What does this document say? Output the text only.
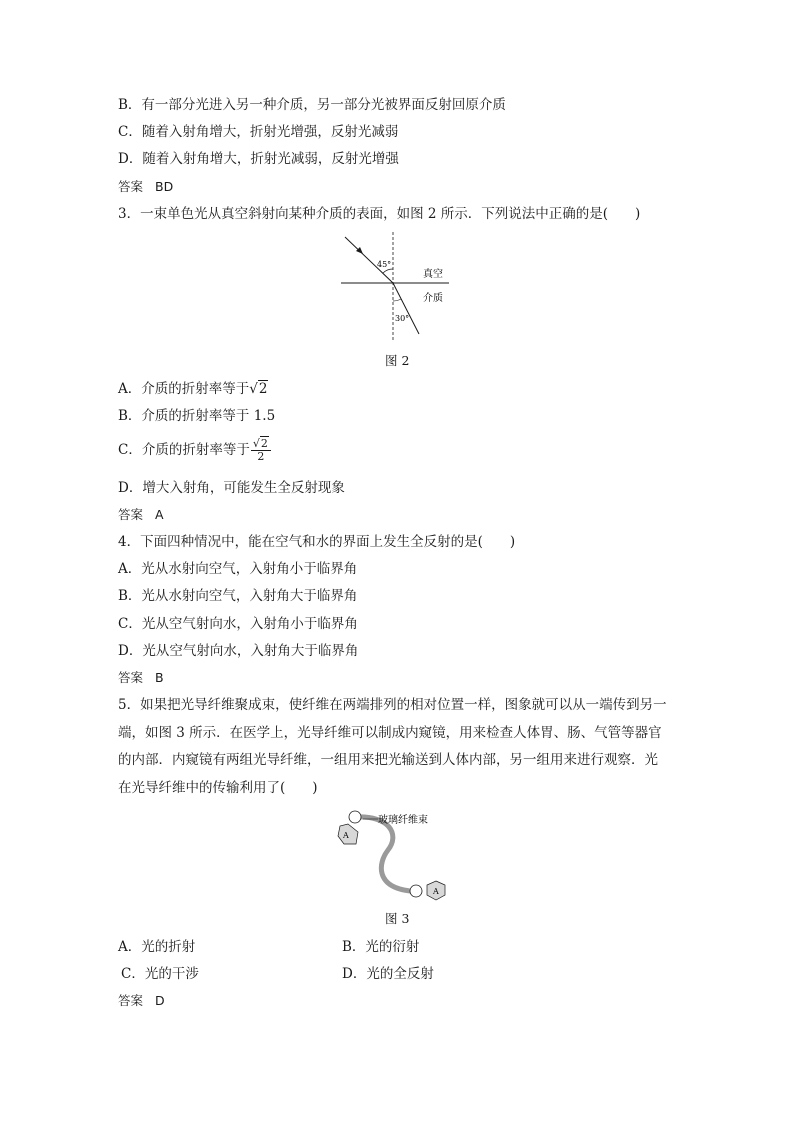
B．有一部分光进入另一种介质，另一部分光被界面反射回原介质
C．随着入射角增大，折射光增强，反射光减弱
D．随着入射角增大，折射光减弱，反射光增强
答案 BD
3．一束单色光从真空斜射向某种介质的表面，如图 2 所示．下列说法中正确的是(　　)
45°
30°
真空
介质
图 2
A．介质的折射率等于√2
B．介质的折射率等于 1.5
C．介质的折射率等于 $\frac{√2}{2}$
D．增大入射角，可能发生全反射现象
答案 A
4．下面四种情况中，能在空气和水的界面上发生全反射的是(　　)
A．光从水射向空气，入射角小于临界角
B．光从水射向空气，入射角大于临界角
C．光从空气射向水，入射角小于临界角
D．光从空气射向水，入射角大于临界角
答案 B
5．如果把光导纤维聚成束，使纤维在两端排列的相对位置一样，图象就可以从一端传到另一
端，如图 3 所示．在医学上，光导纤维可以制成内窥镜，用来检查人体胃、肠、气管等器官
的内部．内窥镜有两组光导纤维，一组用来把光输送到人体内部，另一组用来进行观察．光
在光导纤维中的传输利用了(　　)
A
A
玻璃纤维束
图 3
A．光的折射	B．光的衍射
C．光的干涉	D．光的全反射
答案 D
